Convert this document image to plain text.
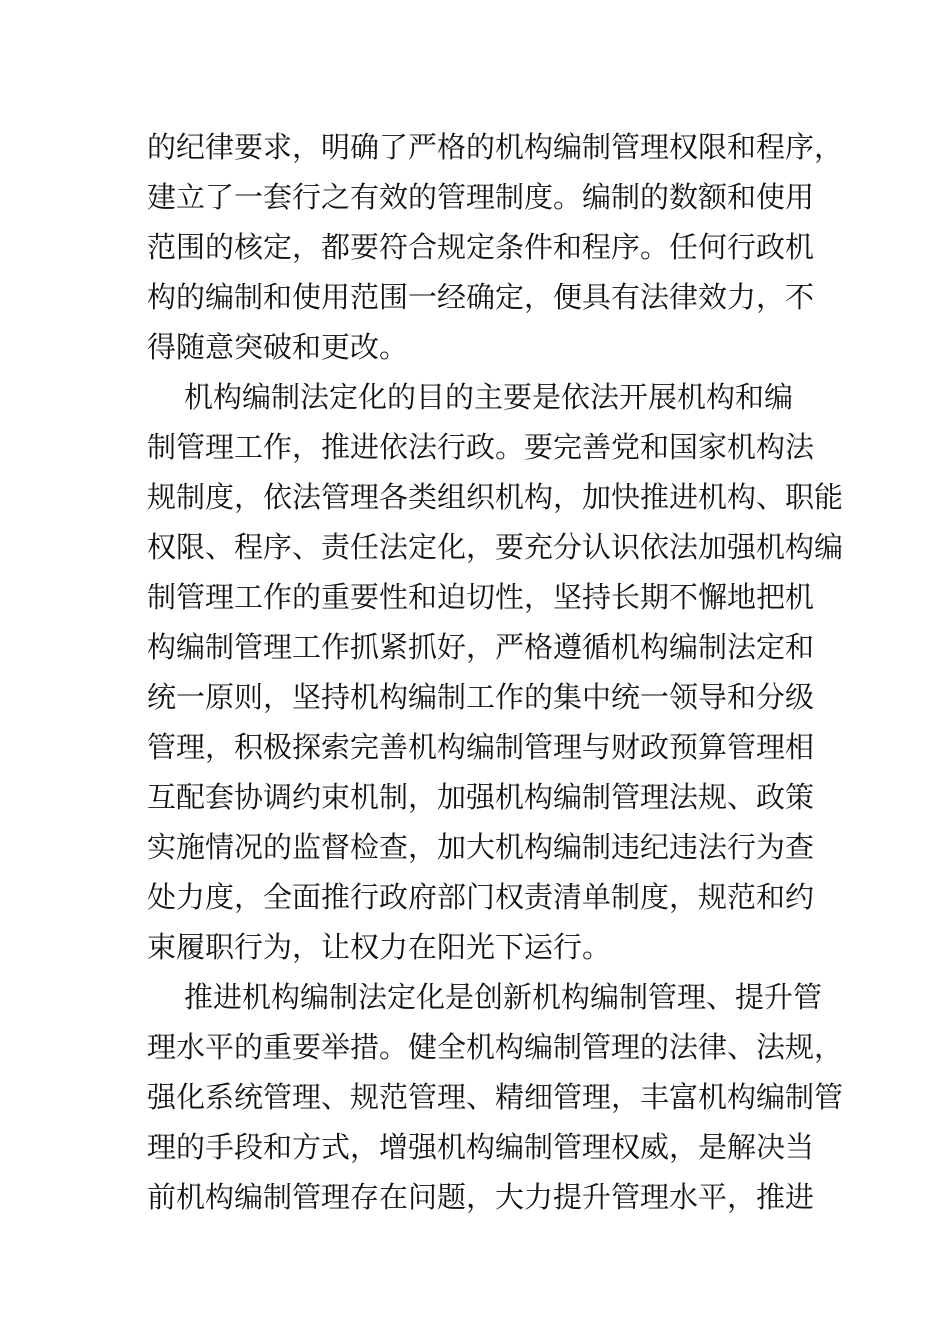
的纪律要求，明确了严格的机构编制管理权限和程序，
建立了一套行之有效的管理制度。编制的数额和使用
范围的核定，都要符合规定条件和程序。任何行政机
构的编制和使用范围一经确定，便具有法律效力，不
得随意突破和更改。
机构编制法定化的目的主要是依法开展机构和编
制管理工作，推进依法行政。要完善党和国家机构法
规制度，依法管理各类组织机构，加快推进机构、职能
权限、程序、责任法定化，要充分认识依法加强机构编
制管理工作的重要性和迫切性，坚持长期不懈地把机
构编制管理工作抓紧抓好，严格遵循机构编制法定和
统一原则，坚持机构编制工作的集中统一领导和分级
管理，积极探索完善机构编制管理与财政预算管理相
互配套协调约束机制，加强机构编制管理法规、政策
实施情况的监督检查，加大机构编制违纪违法行为查
处力度，全面推行政府部门权责清单制度，规范和约
束履职行为，让权力在阳光下运行。
推进机构编制法定化是创新机构编制管理、提升管
理水平的重要举措。健全机构编制管理的法律、法规，
强化系统管理、规范管理、精细管理，丰富机构编制管
理的手段和方式，增强机构编制管理权威，是解决当
前机构编制管理存在问题，大力提升管理水平，推进
